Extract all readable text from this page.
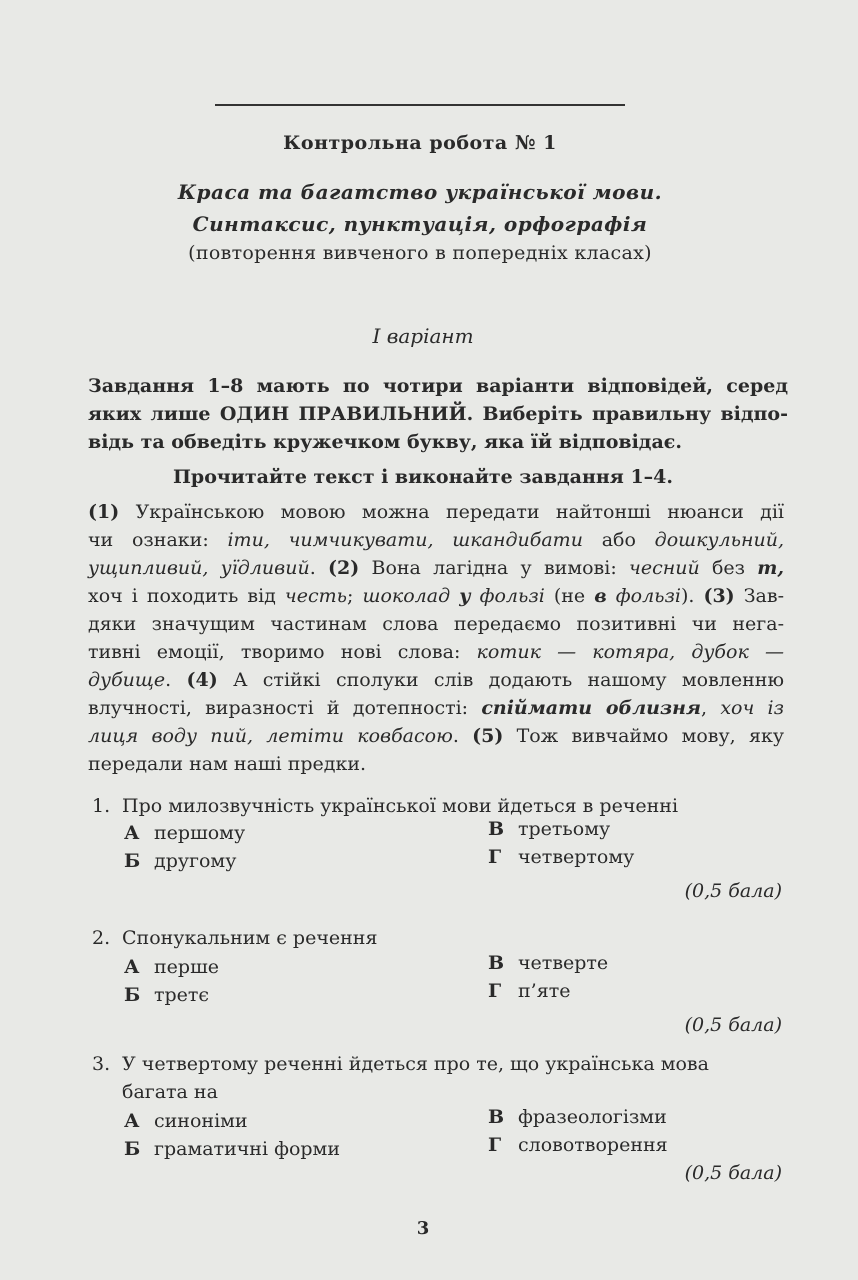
Контрольна робота № 1
Краса та багатство української мови.
Синтаксис, пунктуація, орфографія
(повторення вивченого в попередніх класах)
І варіант
Завдання 1–8 мають по чотири варіанти відповідей, серед
яких лише ОДИН ПРАВИЛЬНИЙ. Виберіть правильну відпо-
відь та обведіть кружечком букву, яка їй відповідає.
Прочитайте текст і виконайте завдання 1–4.
(1) Українською мовою можна передати найтонші нюанси дії
чи ознаки: іти, чимчикувати, шкандибати або дошкульний,
ущипливий, уїдливий. (2) Вона лагідна у вимові: чесний без т,
хоч і походить від честь; шоколад у фользі (не в фользі). (3) Зав-
дяки значущим частинам слова передаємо позитивні чи нега-
тивні емоції, творимо нові слова: котик — котяра, дубок —
дубище. (4) А стійкі сполуки слів додають нашому мовленню
влучності, виразності й дотепності: спіймати облизня, хоч із
лиця воду пий, летіти ковбасою. (5) Тож вивчаймо мову, яку
передали нам наші предки.
1. Про милозвучність української мови йдеться в реченні
А першому
Б другому
В третьому
Г четвертому
(0,5 бала)
2. Спонукальним є речення
А перше
Б третє
В четверте
Г п’яте
(0,5 бала)
3. У четвертому реченні йдеться про те, що українська мова
багата на
А синоніми
Б граматичні форми
В фразеологізми
Г словотворення
(0,5 бала)
3
